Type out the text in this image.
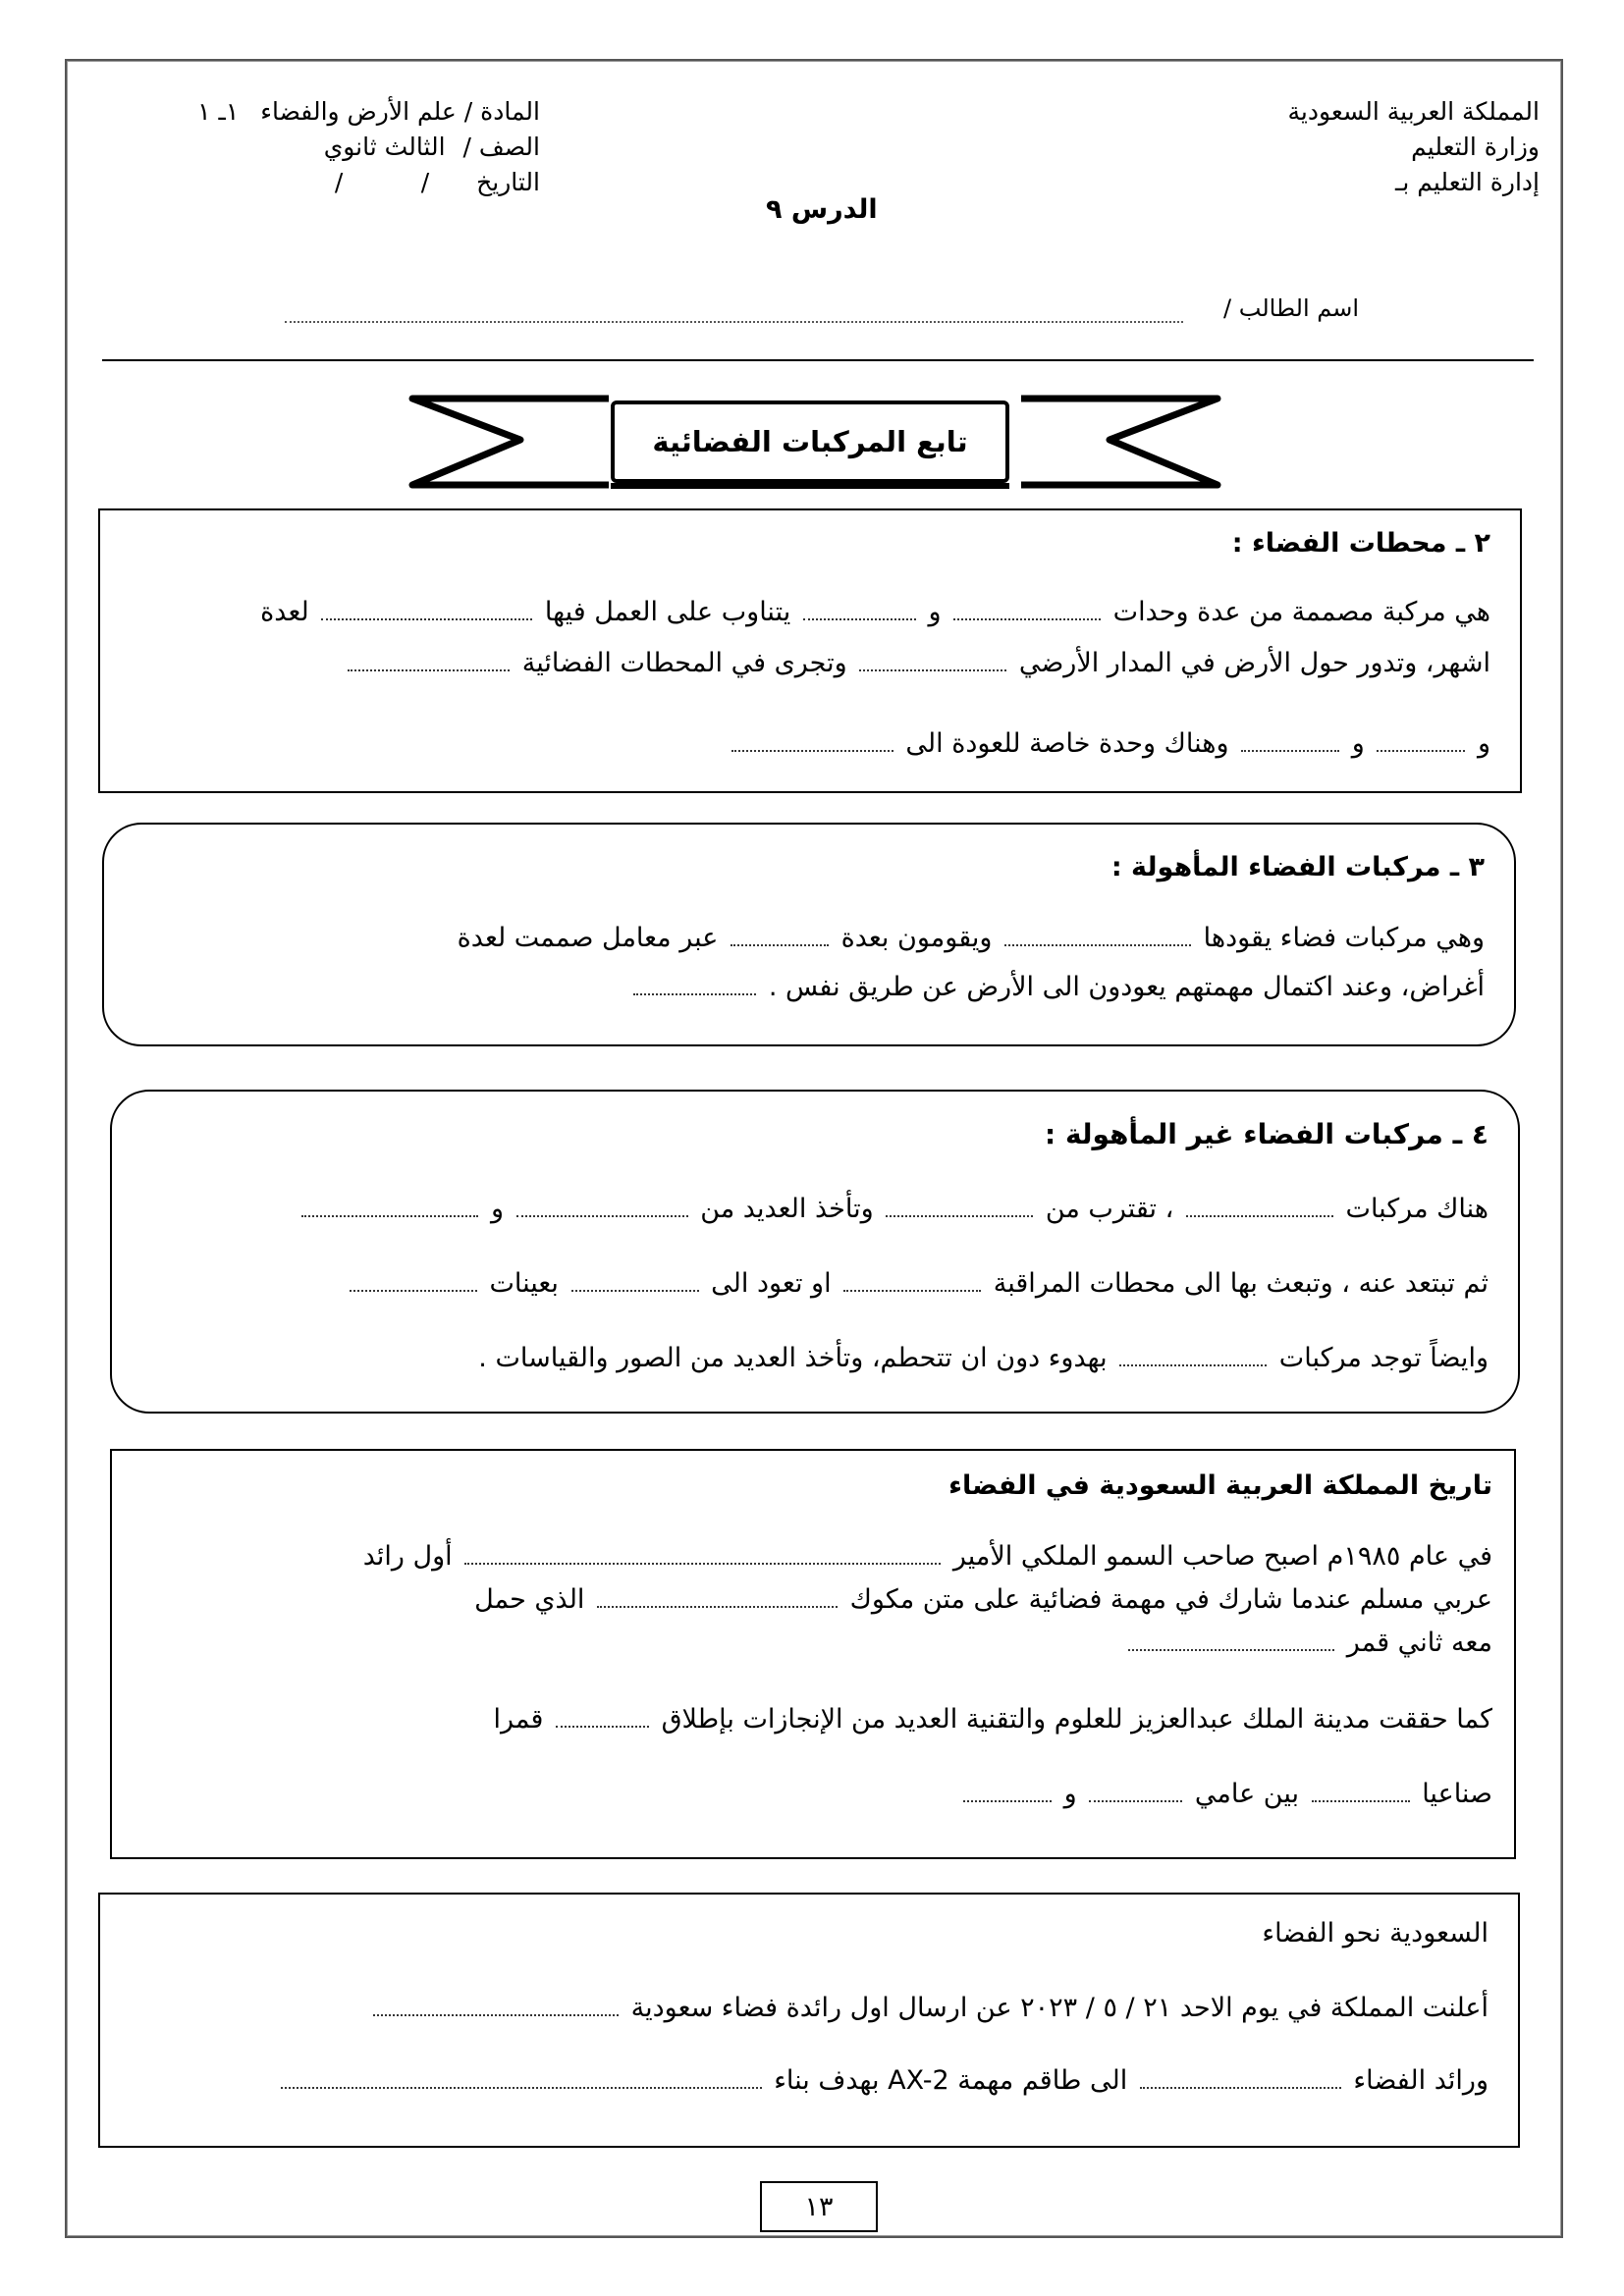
المملكة العربية السعودية
وزارة التعليم
إدارة التعليم بـ
الدرس ٩
المادة / علم الأرض والفضاء ١ـ ١
الصف / الثالث ثانوي
التاريخ /          /
اسم الطالب /
تابع المركبات الفضائية
٢ ـ محطات الفضاء :
هي مركبة مصممة من عدة وحدات  و  يتناوب على العمل فيها  لعدة
اشهر، وتدور حول الأرض في المدار الأرضي  وتجرى في المحطات الفضائية
و  و  وهناك وحدة خاصة للعودة الى
٣ ـ مركبات الفضاء المأهولة :
وهي مركبات فضاء يقودها  ويقومون بعدة  عبر معامل صممت لعدة
أغراض، وعند اكتمال مهمتهم يعودون الى الأرض عن طريق نفس .
٤ ـ مركبات الفضاء غير المأهولة :
هناك مركبات  ، تقترب من  وتأخذ العديد من  و
ثم تبتعد عنه ، وتبعث بها الى محطات المراقبة  او تعود الى  بعينات
وايضاً توجد مركبات  بهدوء دون ان تتحطم، وتأخذ العديد من الصور والقياسات .
تاريخ المملكة العربية السعودية في الفضاء
في عام ١٩٨٥م اصبح صاحب السمو الملكي الأمير  أول رائد
عربي مسلم عندما شارك في مهمة فضائية على متن مكوك  الذي حمل
معه ثاني قمر
كما حققت مدينة الملك عبدالعزيز للعلوم والتقنية العديد من الإنجازات بإطلاق  قمرا
صناعيا  بين عامي  و
السعودية نحو الفضاء
أعلنت المملكة في يوم الاحد ٢١ / ٥ / ٢٠٢٣ عن ارسال اول رائدة فضاء سعودية
ورائد الفضاء  الى طاقم مهمة AX-2 بهدف بناء
١٣
